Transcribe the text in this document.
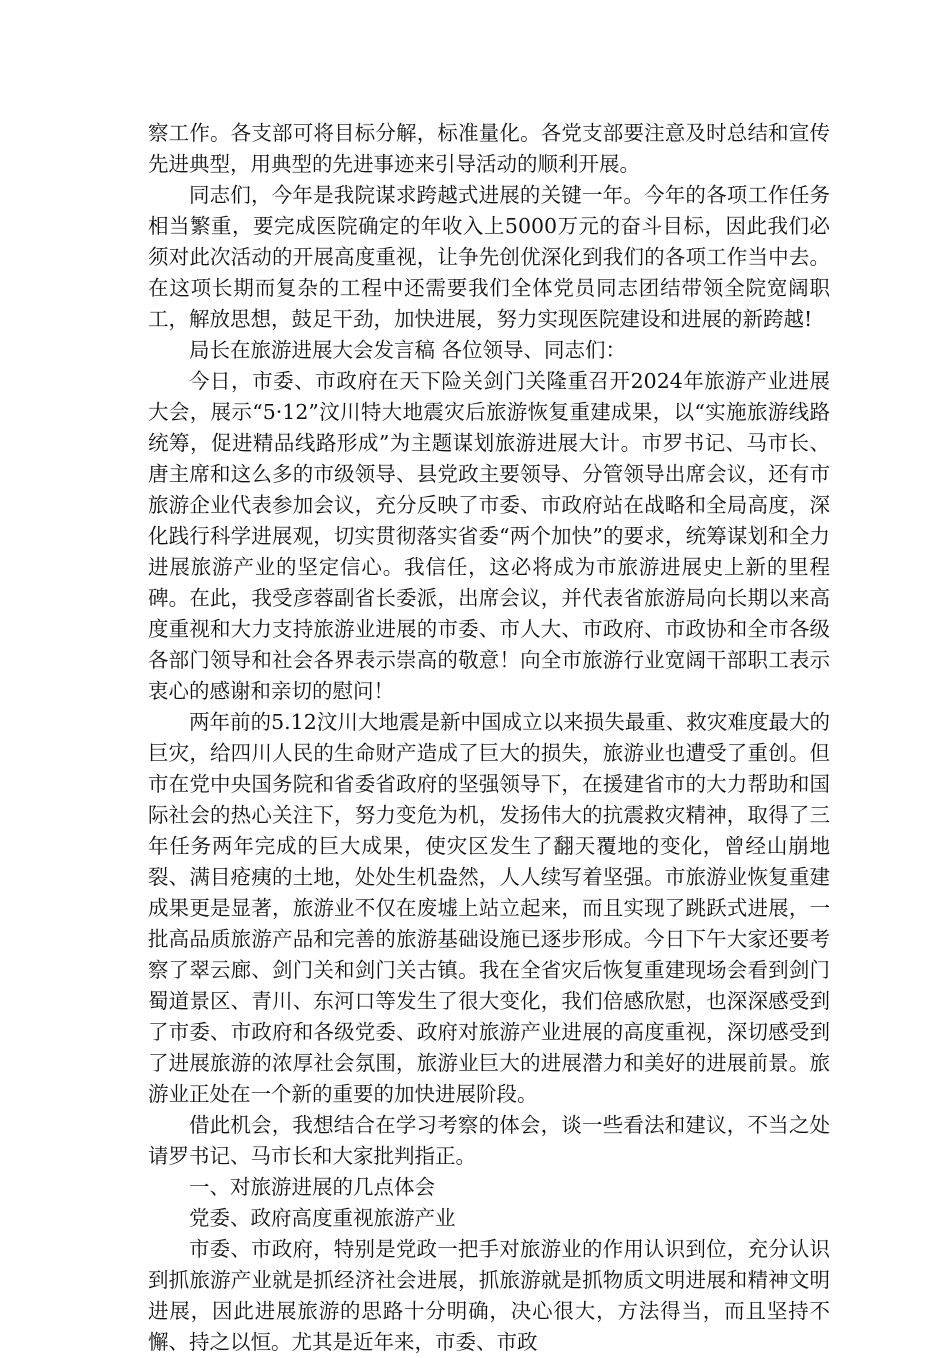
察工作。各支部可将目标分解，标准量化。各党支部要注意及时总结和宣传先进典型，用典型的先进事迹来引导活动的顺利开展。

同志们，今年是我院谋求跨越式进展的关键一年。今年的各项工作任务相当繁重，要完成医院确定的年收入上5000万元的奋斗目标，因此我们必须对此次活动的开展高度重视，让争先创优深化到我们的各项工作当中去。在这项长期而复杂的工程中还需要我们全体党员同志团结带领全院宽阔职工，解放思想，鼓足干劲，加快进展，努力实现医院建设和进展的新跨越!

局长在旅游进展大会发言稿 各位领导、同志们：

今日，市委、市政府在天下险关剑门关隆重召开2024年旅游产业进展大会，展示“5·12”汶川特大地震灾后旅游恢复重建成果，以“实施旅游线路统筹，促进精品线路形成”为主题谋划旅游进展大计。市罗书记、马市长、唐主席和这么多的市级领导、县党政主要领导、分管领导出席会议，还有市旅游企业代表参加会议，充分反映了市委、市政府站在战略和全局高度，深化践行科学进展观，切实贯彻落实省委“两个加快”的要求，统筹谋划和全力进展旅游产业的坚定信心。我信任，这必将成为市旅游进展史上新的里程碑。在此，我受彦蓉副省长委派，出席会议，并代表省旅游局向长期以来高度重视和大力支持旅游业进展的市委、市人大、市政府、市政协和全市各级各部门领导和社会各界表示崇高的敬意！向全市旅游行业宽阔干部职工表示衷心的感谢和亲切的慰问！

两年前的5.12汶川大地震是新中国成立以来损失最重、救灾难度最大的巨灾，给四川人民的生命财产造成了巨大的损失，旅游业也遭受了重创。但市在党中央国务院和省委省政府的坚强领导下，在援建省市的大力帮助和国际社会的热心关注下，努力变危为机，发扬伟大的抗震救灾精神，取得了三年任务两年完成的巨大成果，使灾区发生了翻天覆地的变化，曾经山崩地裂、满目疮痍的土地，处处生机盎然，人人续写着坚强。市旅游业恢复重建成果更是显著，旅游业不仅在废墟上站立起来，而且实现了跳跃式进展，一批高品质旅游产品和完善的旅游基础设施已逐步形成。今日下午大家还要考察了翠云廊、剑门关和剑门关古镇。我在全省灾后恢复重建现场会看到剑门蜀道景区、青川、东河口等发生了很大变化，我们倍感欣慰，也深深感受到了市委、市政府和各级党委、政府对旅游产业进展的高度重视，深切感受到了进展旅游的浓厚社会氛围，旅游业巨大的进展潜力和美好的进展前景。旅游业正处在一个新的重要的加快进展阶段。

借此机会，我想结合在学习考察的体会，谈一些看法和建议，不当之处请罗书记、马市长和大家批判指正。

一、对旅游进展的几点体会

党委、政府高度重视旅游产业

市委、市政府，特别是党政一把手对旅游业的作用认识到位，充分认识到抓旅游产业就是抓经济社会进展，抓旅游就是抓物质文明进展和精神文明进展，因此进展旅游的思路十分明确，决心很大，方法得当，而且坚持不懈、持之以恒。尤其是近年来，市委、市政
